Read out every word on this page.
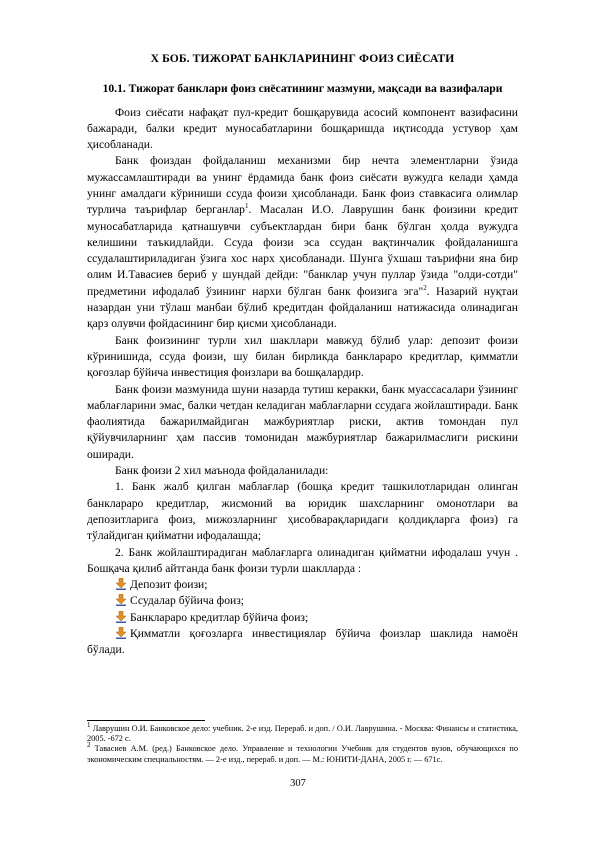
X БОБ. ТИЖОРАТ БАНКЛАРИНИНГ ФОИЗ СИЁСАТИ
10.1. Тижорат банклари фоиз сиёсатининг мазмуни, мақсади ва вазифалари

Фоиз сиёсати нафақат пул-кредит бошқарувида асосий компонент вазифасини бажаради, балки кредит муносабатларини бошқаришда иқтисодда устувор ҳам ҳисобланади.

Банк фоиздан фойдаланиш механизми бир нечта элементларни ўзида мужассамлаштиради ва унинг ёрдамида банк фоиз сиёсати вужудга келади ҳамда унинг амалдаги кўриниши ссуда фоизи ҳисобланади. Банк фоиз ставкасига олимлар турлича таърифлар берганлар$^1$. Масалан И.О. Лаврушин банк фоизини кредит муносабатларида қатнашувчи субъектлардан бири банк бўлган ҳолда вужудга келишини таъкидлайди. Ссуда фоизи эса ссудан вақтинчалик фойдаланишга ссудалаштириладиган ўзига хос нарх ҳисобланади. Шунга ўхшаш таърифни яна бир олим И.Тавасиев бериб у шундай дейди: "банклар учун пуллар ўзида "олди-сотди" предметини ифодалаб ўзининг нархи бўлган банк фоизига эга"$^2$. Назарий нуқтаи назардан уни тўлаш манбаи бўлиб кредитдан фойдаланиш натижасида олинадиган қарз олувчи фойдасининг бир қисми ҳисобланади.

Банк фоизининг турли хил шакллари мавжуд бўлиб улар: депозит фоизи кўринишида, ссуда фоизи, шу билан бирликда банклараро кредитлар, қимматли қоғозлар бўйича инвестиция фоизлари ва бошқалардир.

Банк фоизи мазмунида шуни назарда тутиш керакки, банк муассасалари ўзининг маблағларини эмас, балки четдан келадиган маблағларни ссудага жойлаштиради. Банк фаолиятида бажарилмайдиган мажбуриятлар риски, актив томондан пул қўйувчиларнинг ҳам пассив томонидан мажбуриятлар бажарилмаслиги рискини оширади.

Банк фоизи 2 хил маънода фойдаланилади:

1. Банк жалб қилган маблағлар (бошқа кредит ташкилотларидан олинган банклараро кредитлар, жисмоний ва юридик шахсларнинг омонотлари ва депозитларига фоиз, мижозларнинг ҳисобварақларидаги қолдиқларга фоиз) га тўлайдиган қийматни ифодалашда;

2. Банк жойлаштирадиган маблағларга олинадиган қийматни ифодалаш учун . Бошқача қилиб айтганда банк фоизи турли шаклларда :

Депозит фоизи;

Ссудалар бўйича фоиз;

Банклараро кредитлар бўйича фоиз;

Қимматли қоғозларга инвестициялар бўйича фоизлар шаклида намоён бўлади.

$^1$ Лаврушин О.И. Банковское дело: учебник. 2-е изд. Перераб. и доп. / О.И. Лаврушина. - Москва: Финансы и статистика, 2005. -672 с.

$^2$ Тавасиев А.М. (ред.) Банковское дело. Управление и технологии Учебник для студентов вузов, обучающихся по экономическим специальностям. — 2-е изд., перераб. и доп. — М.: ЮНИТИ-ДАНА, 2005 г. — 671с.

307
